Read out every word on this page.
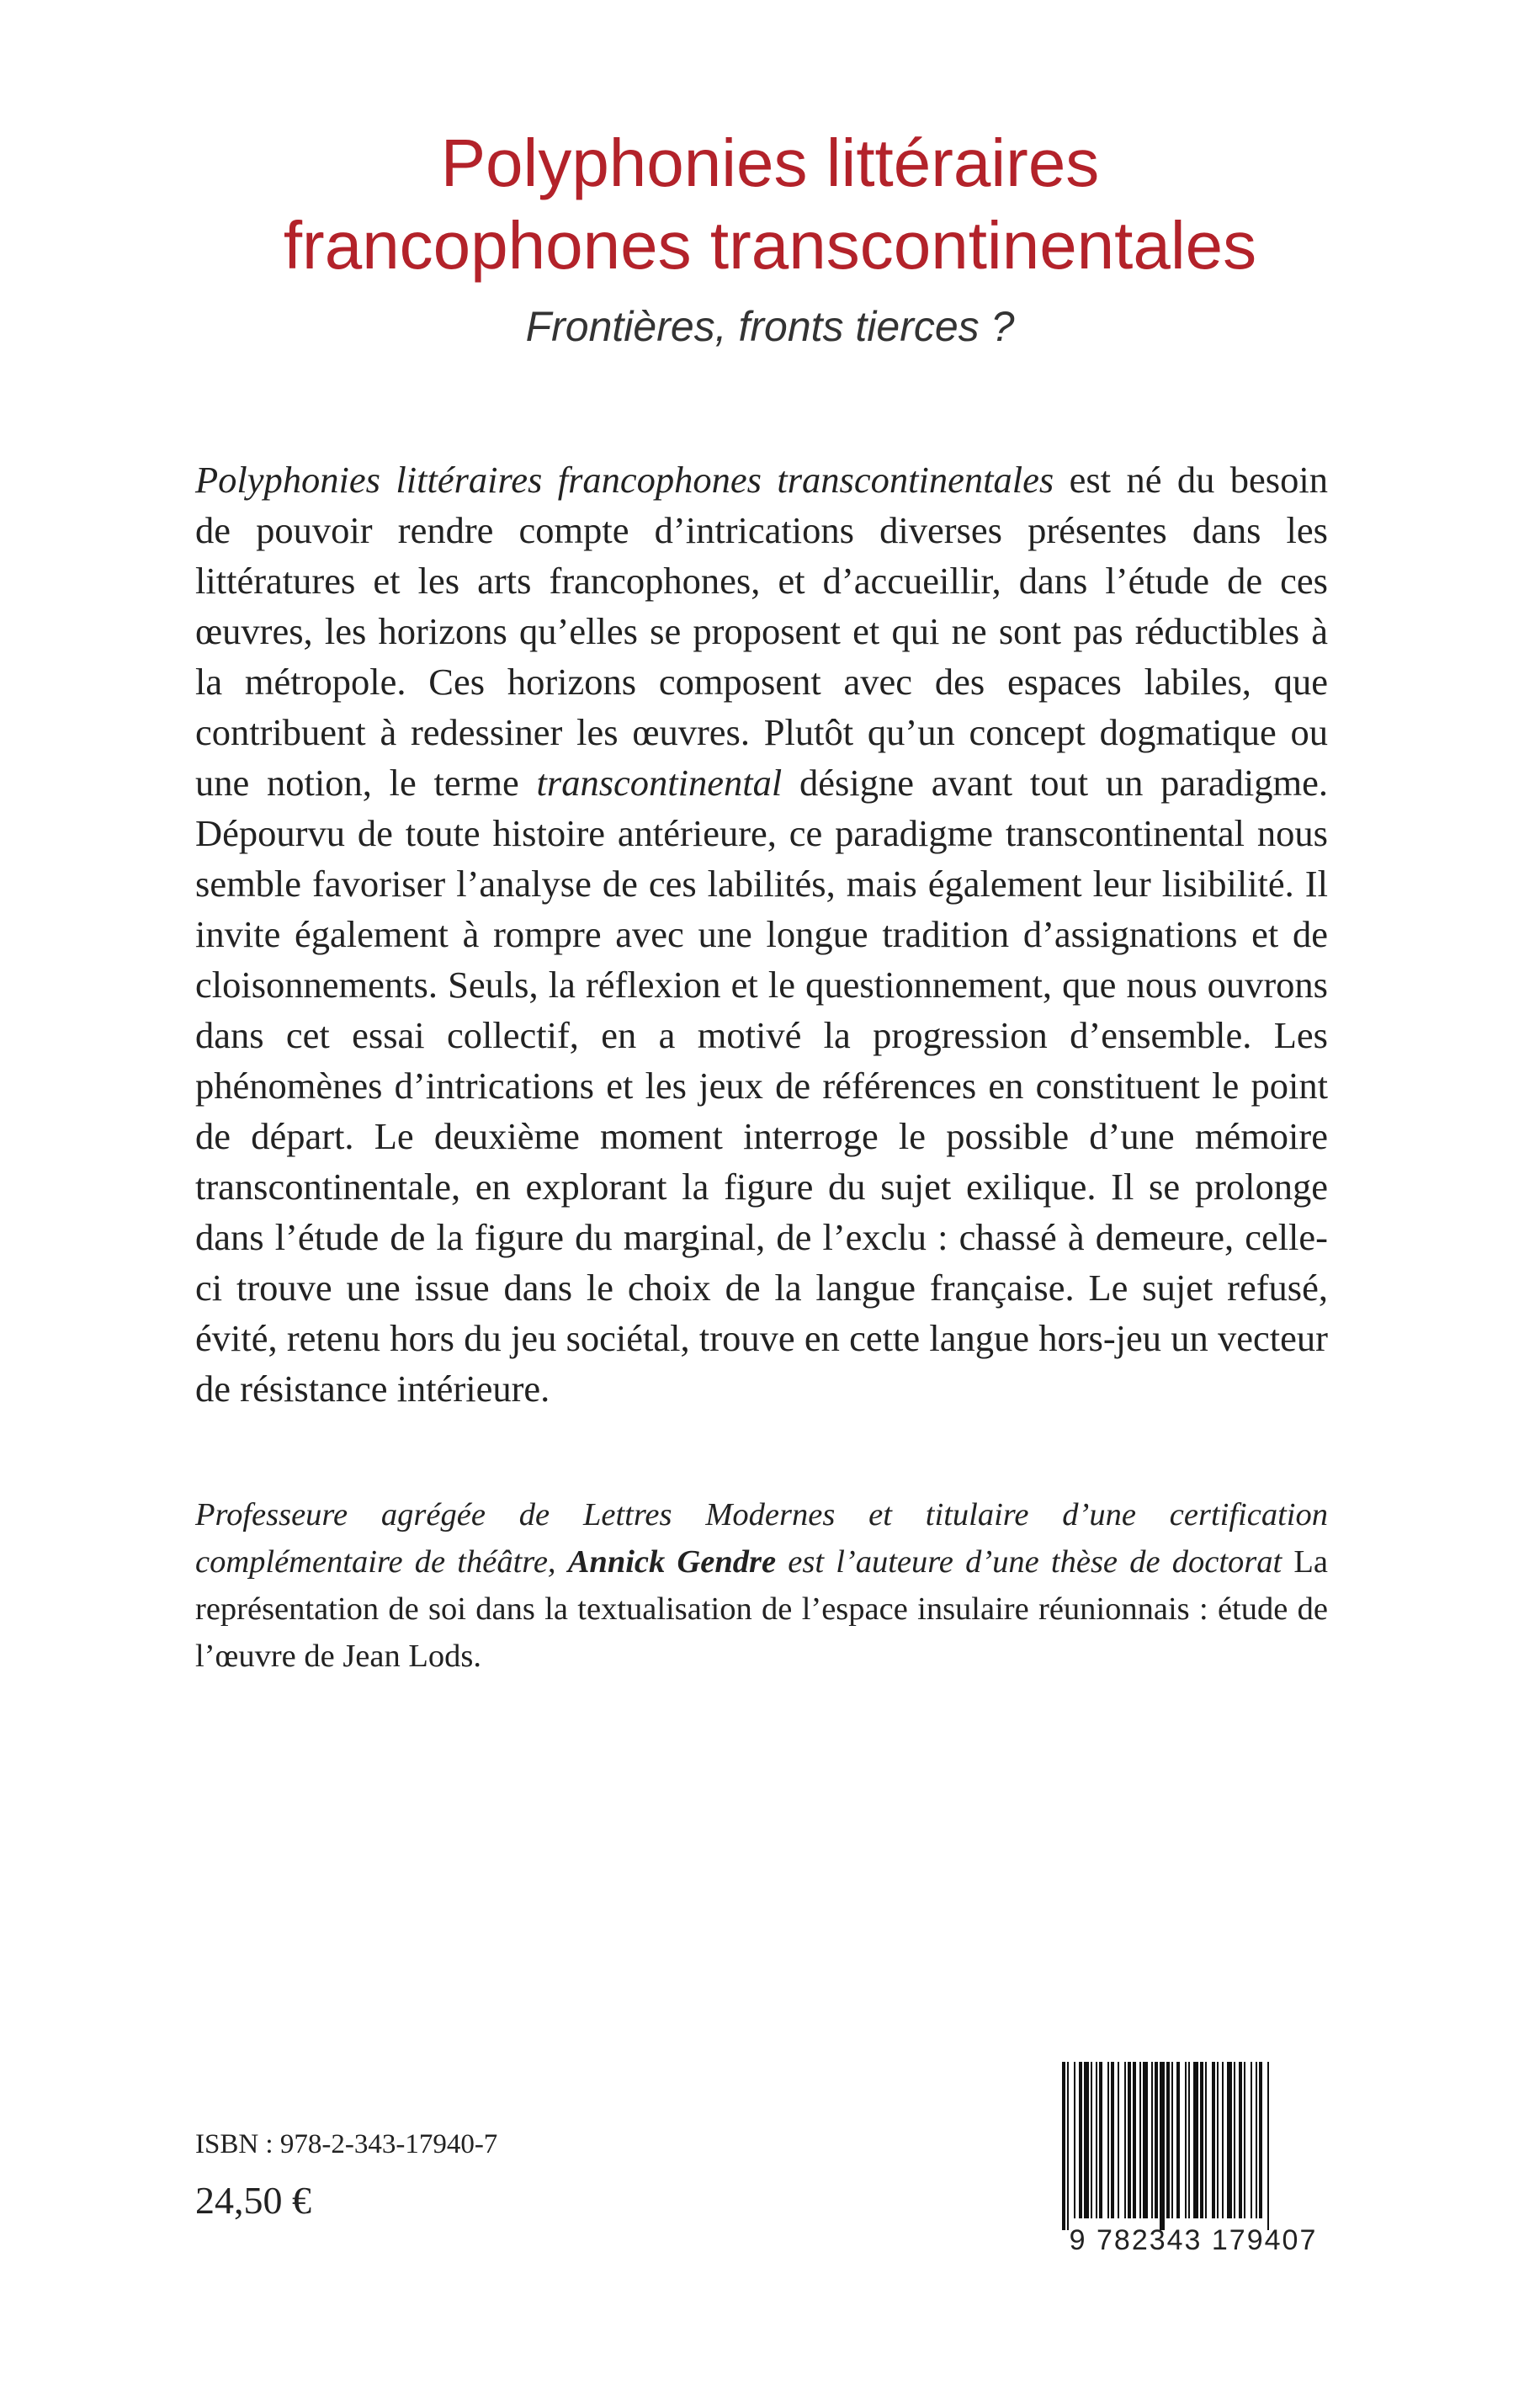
Polyphonies littéraires
francophones transcontinentales
Frontières, fronts tierces ?

Polyphonies littéraires francophones transcontinentales est né du besoin de pouvoir rendre compte d’intrications diverses présentes dans les littératures et les arts francophones, et d’accueillir, dans l’étude de ces œuvres, les horizons qu’elles se proposent et qui ne sont pas réductibles à la métropole. Ces horizons composent avec des espaces labiles, que contribuent à redessiner les œuvres. Plutôt qu’un concept dogmatique ou une notion, le terme transcontinental désigne avant tout un paradigme. Dépourvu de toute histoire antérieure, ce paradigme transcontinental nous semble favoriser l’analyse de ces labilités, mais également leur lisibilité. Il invite également à rompre avec une longue tradition d’assignations et de cloisonnements. Seuls, la réflexion et le questionnement, que nous ouvrons dans cet essai collectif, en a motivé la progression d’ensemble. Les phénomènes d’intrications et les jeux de références en constituent le point de départ. Le deuxième moment interroge le possible d’une mémoire transcontinentale, en explorant la figure du sujet exilique. Il se prolonge dans l’étude de la figure du marginal, de l’exclu : chassé à demeure, celle-ci trouve une issue dans le choix de la langue française. Le sujet refusé, évité, retenu hors du jeu sociétal, trouve en cette langue hors-jeu un vecteur de résistance intérieure.

Professeure agrégée de Lettres Modernes et titulaire d’une certification complémentaire de théâtre, Annick Gendre est l’auteure d’une thèse de doctorat La représentation de soi dans la textualisation de l’espace insulaire réunionnais : étude de l’œuvre de Jean Lods.

ISBN : 978-2-343-17940-7
24,50 €
9 782343 179407
